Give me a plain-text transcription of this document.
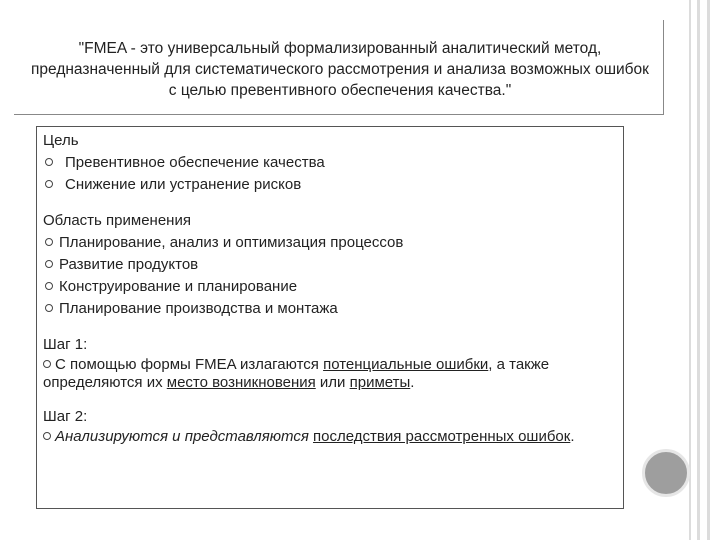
"FMEA - это универсальный формализированный аналитический метод, предназначенный для систематического рассмотрения и анализа возможных ошибок с целью превентивного обеспечения качества."
Цель
Превентивное обеспечение качества
Снижение или устранение рисков
Область применения
Планирование, анализ и оптимизация процессов
Развитие продуктов
Конструирование и планирование
Планирование производства и монтажа
Шаг 1:
С помощью формы FMEA излагаются потенциальные ошибки, а также определяются их место возникновения или приметы.
Шаг 2:
Анализируются и представляются последствия рассмотренных ошибок.
